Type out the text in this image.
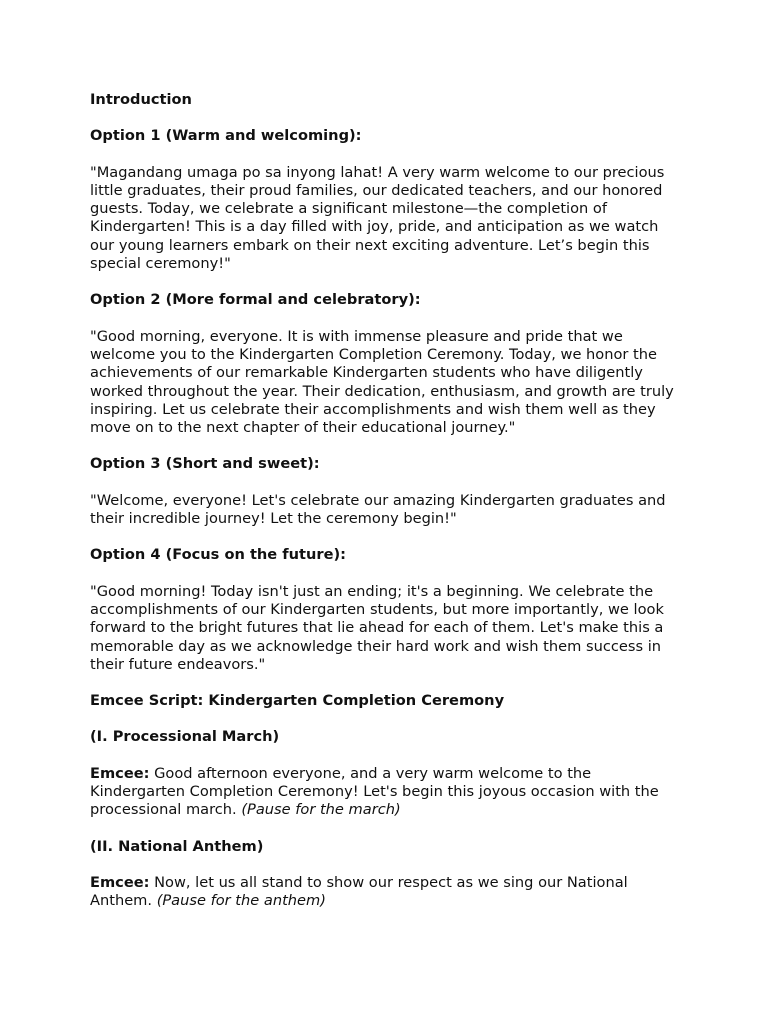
Introduction

Option 1 (Warm and welcoming):

"Magandang umaga po sa inyong lahat! A very warm welcome to our precious little graduates, their proud families, our dedicated teachers, and our honored guests. Today, we celebrate a significant milestone—the completion of Kindergarten! This is a day filled with joy, pride, and anticipation as we watch our young learners embark on their next exciting adventure. Let’s begin this special ceremony!"

Option 2 (More formal and celebratory):

"Good morning, everyone. It is with immense pleasure and pride that we welcome you to the Kindergarten Completion Ceremony. Today, we honor the achievements of our remarkable Kindergarten students who have diligently worked throughout the year. Their dedication, enthusiasm, and growth are truly inspiring. Let us celebrate their accomplishments and wish them well as they move on to the next chapter of their educational journey."

Option 3 (Short and sweet):

"Welcome, everyone! Let's celebrate our amazing Kindergarten graduates and their incredible journey! Let the ceremony begin!"

Option 4 (Focus on the future):

"Good morning! Today isn't just an ending; it's a beginning. We celebrate the accomplishments of our Kindergarten students, but more importantly, we look forward to the bright futures that lie ahead for each of them. Let's make this a memorable day as we acknowledge their hard work and wish them success in their future endeavors."

Emcee Script: Kindergarten Completion Ceremony

(I. Processional March)

Emcee: Good afternoon everyone, and a very warm welcome to the Kindergarten Completion Ceremony! Let's begin this joyous occasion with the processional march. (Pause for the march)

(II. National Anthem)

Emcee: Now, let us all stand to show our respect as we sing our National Anthem. (Pause for the anthem)
